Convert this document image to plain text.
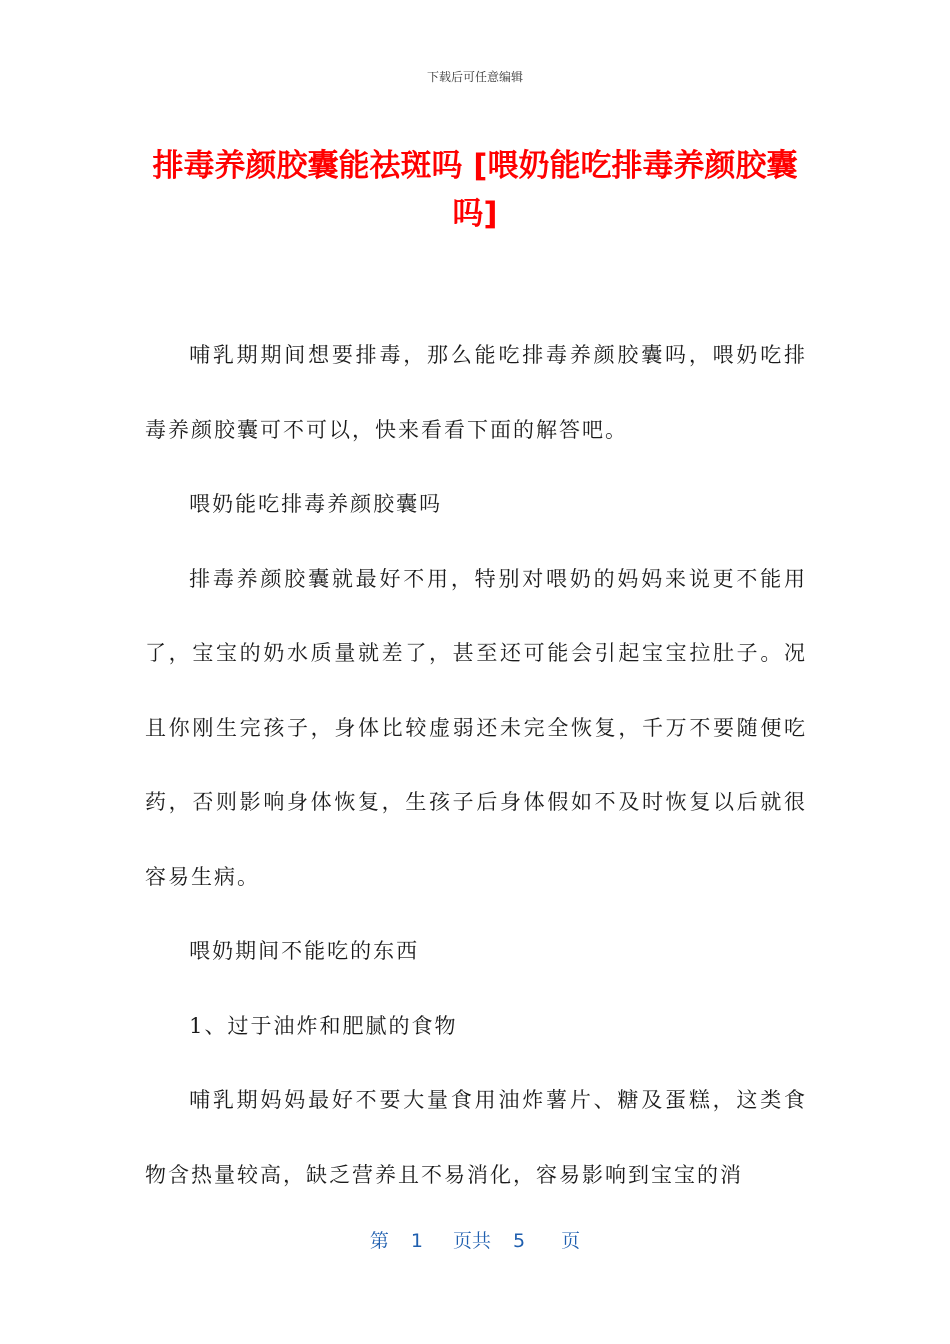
下载后可任意编辑
排毒养颜胶囊能祛斑吗 [喂奶能吃排毒养颜胶囊吗]

哺乳期期间想要排毒，那么能吃排毒养颜胶囊吗，喂奶吃排毒养颜胶囊可不可以，快来看看下面的解答吧。

喂奶能吃排毒养颜胶囊吗

排毒养颜胶囊就最好不用，特别对喂奶的妈妈来说更不能用了，宝宝的奶水质量就差了，甚至还可能会引起宝宝拉肚子。况且你刚生完孩子，身体比较虚弱还未完全恢复，千万不要随便吃药，否则影响身体恢复，生孩子后身体假如不及时恢复以后就很容易生病。

喂奶期间不能吃的东西

1、过于油炸和肥腻的食物

哺乳期妈妈最好不要大量食用油炸薯片、糖及蛋糕，这类食物含热量较高，缺乏营养且不易消化，容易影响到宝宝的消

第 1 页共 5 页
